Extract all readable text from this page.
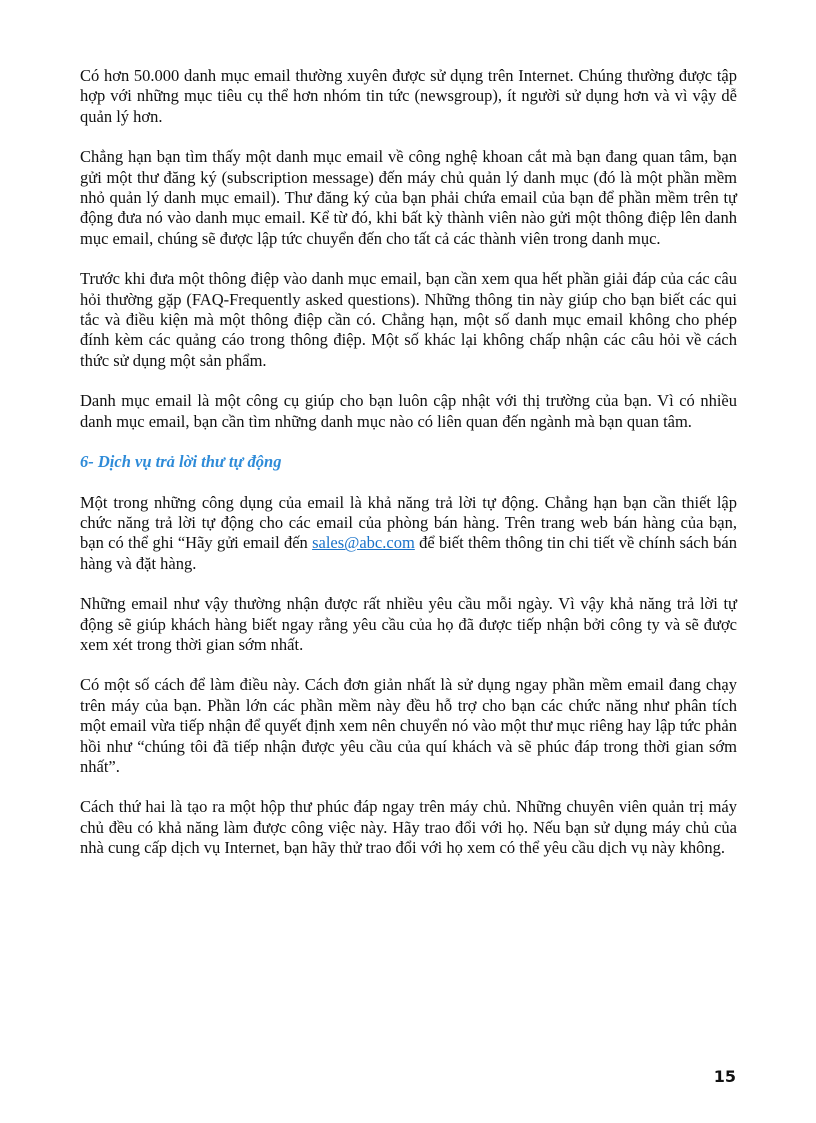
Có hơn 50.000 danh mục email thường xuyên được sử dụng trên Internet. Chúng thường được tập hợp với những mục tiêu cụ thể hơn nhóm tin tức (newsgroup), ít người sử dụng hơn và vì vậy dễ quản lý hơn.

Chẳng hạn bạn tìm thấy một danh mục email về công nghệ khoan cắt mà bạn đang quan tâm, bạn gửi một thư đăng ký (subscription message) đến máy chủ quản lý danh mục (đó là một phần mềm nhỏ quản lý danh mục email). Thư đăng ký của bạn phải chứa email của bạn để phần mềm trên tự động đưa nó vào danh mục email. Kể từ đó, khi bất kỳ thành viên nào gửi một thông điệp lên danh mục email, chúng sẽ được lập tức chuyển đến cho tất cả các thành viên trong danh mục.

Trước khi đưa một thông điệp vào danh mục email, bạn cần xem qua hết phần giải đáp của các câu hỏi thường gặp (FAQ-Frequently asked questions). Những thông tin này giúp cho bạn biết các qui tắc và điều kiện mà một thông điệp cần có. Chẳng hạn, một số danh mục email không cho phép đính kèm các quảng cáo trong thông điệp. Một số khác lại không chấp nhận các câu hỏi về cách thức sử dụng một sản phẩm.

Danh mục email là một công cụ giúp cho bạn luôn cập nhật với thị trường của bạn. Vì có nhiều danh mục email, bạn cần tìm những danh mục nào có liên quan đến ngành mà bạn quan tâm.

6- Dịch vụ trả lời thư tự động

Một trong những công dụng của email là khả năng trả lời tự động. Chẳng hạn bạn cần thiết lập chức năng trả lời tự động cho các email của phòng bán hàng. Trên trang web bán hàng của bạn, bạn có thể ghi “Hãy gửi email đến sales@abc.com để biết thêm thông tin chi tiết về chính sách bán hàng và đặt hàng.

Những email như vậy thường nhận được rất nhiều yêu cầu mỗi ngày. Vì vậy khả năng trả lời tự động sẽ giúp khách hàng biết ngay rằng yêu cầu của họ đã được tiếp nhận bởi công ty và sẽ được xem xét trong thời gian sớm nhất.

Có một số cách để làm điều này. Cách đơn giản nhất là sử dụng ngay phần mềm email đang chạy trên máy của bạn. Phần lớn các phần mềm này đều hỗ trợ cho bạn các chức năng như phân tích một email vừa tiếp nhận để quyết định xem nên chuyển nó vào một thư mục riêng hay lập tức phản hồi như “chúng tôi đã tiếp nhận được yêu cầu của quí khách và sẽ phúc đáp trong thời gian sớm nhất”.

Cách thứ hai là tạo ra một hộp thư phúc đáp ngay trên máy chủ. Những chuyên viên quản trị máy chủ đều có khả năng làm được công việc này. Hãy trao đổi với họ. Nếu bạn sử dụng máy chủ của nhà cung cấp dịch vụ Internet, bạn hãy thử trao đổi với họ xem có thể yêu cầu dịch vụ này không.

15
